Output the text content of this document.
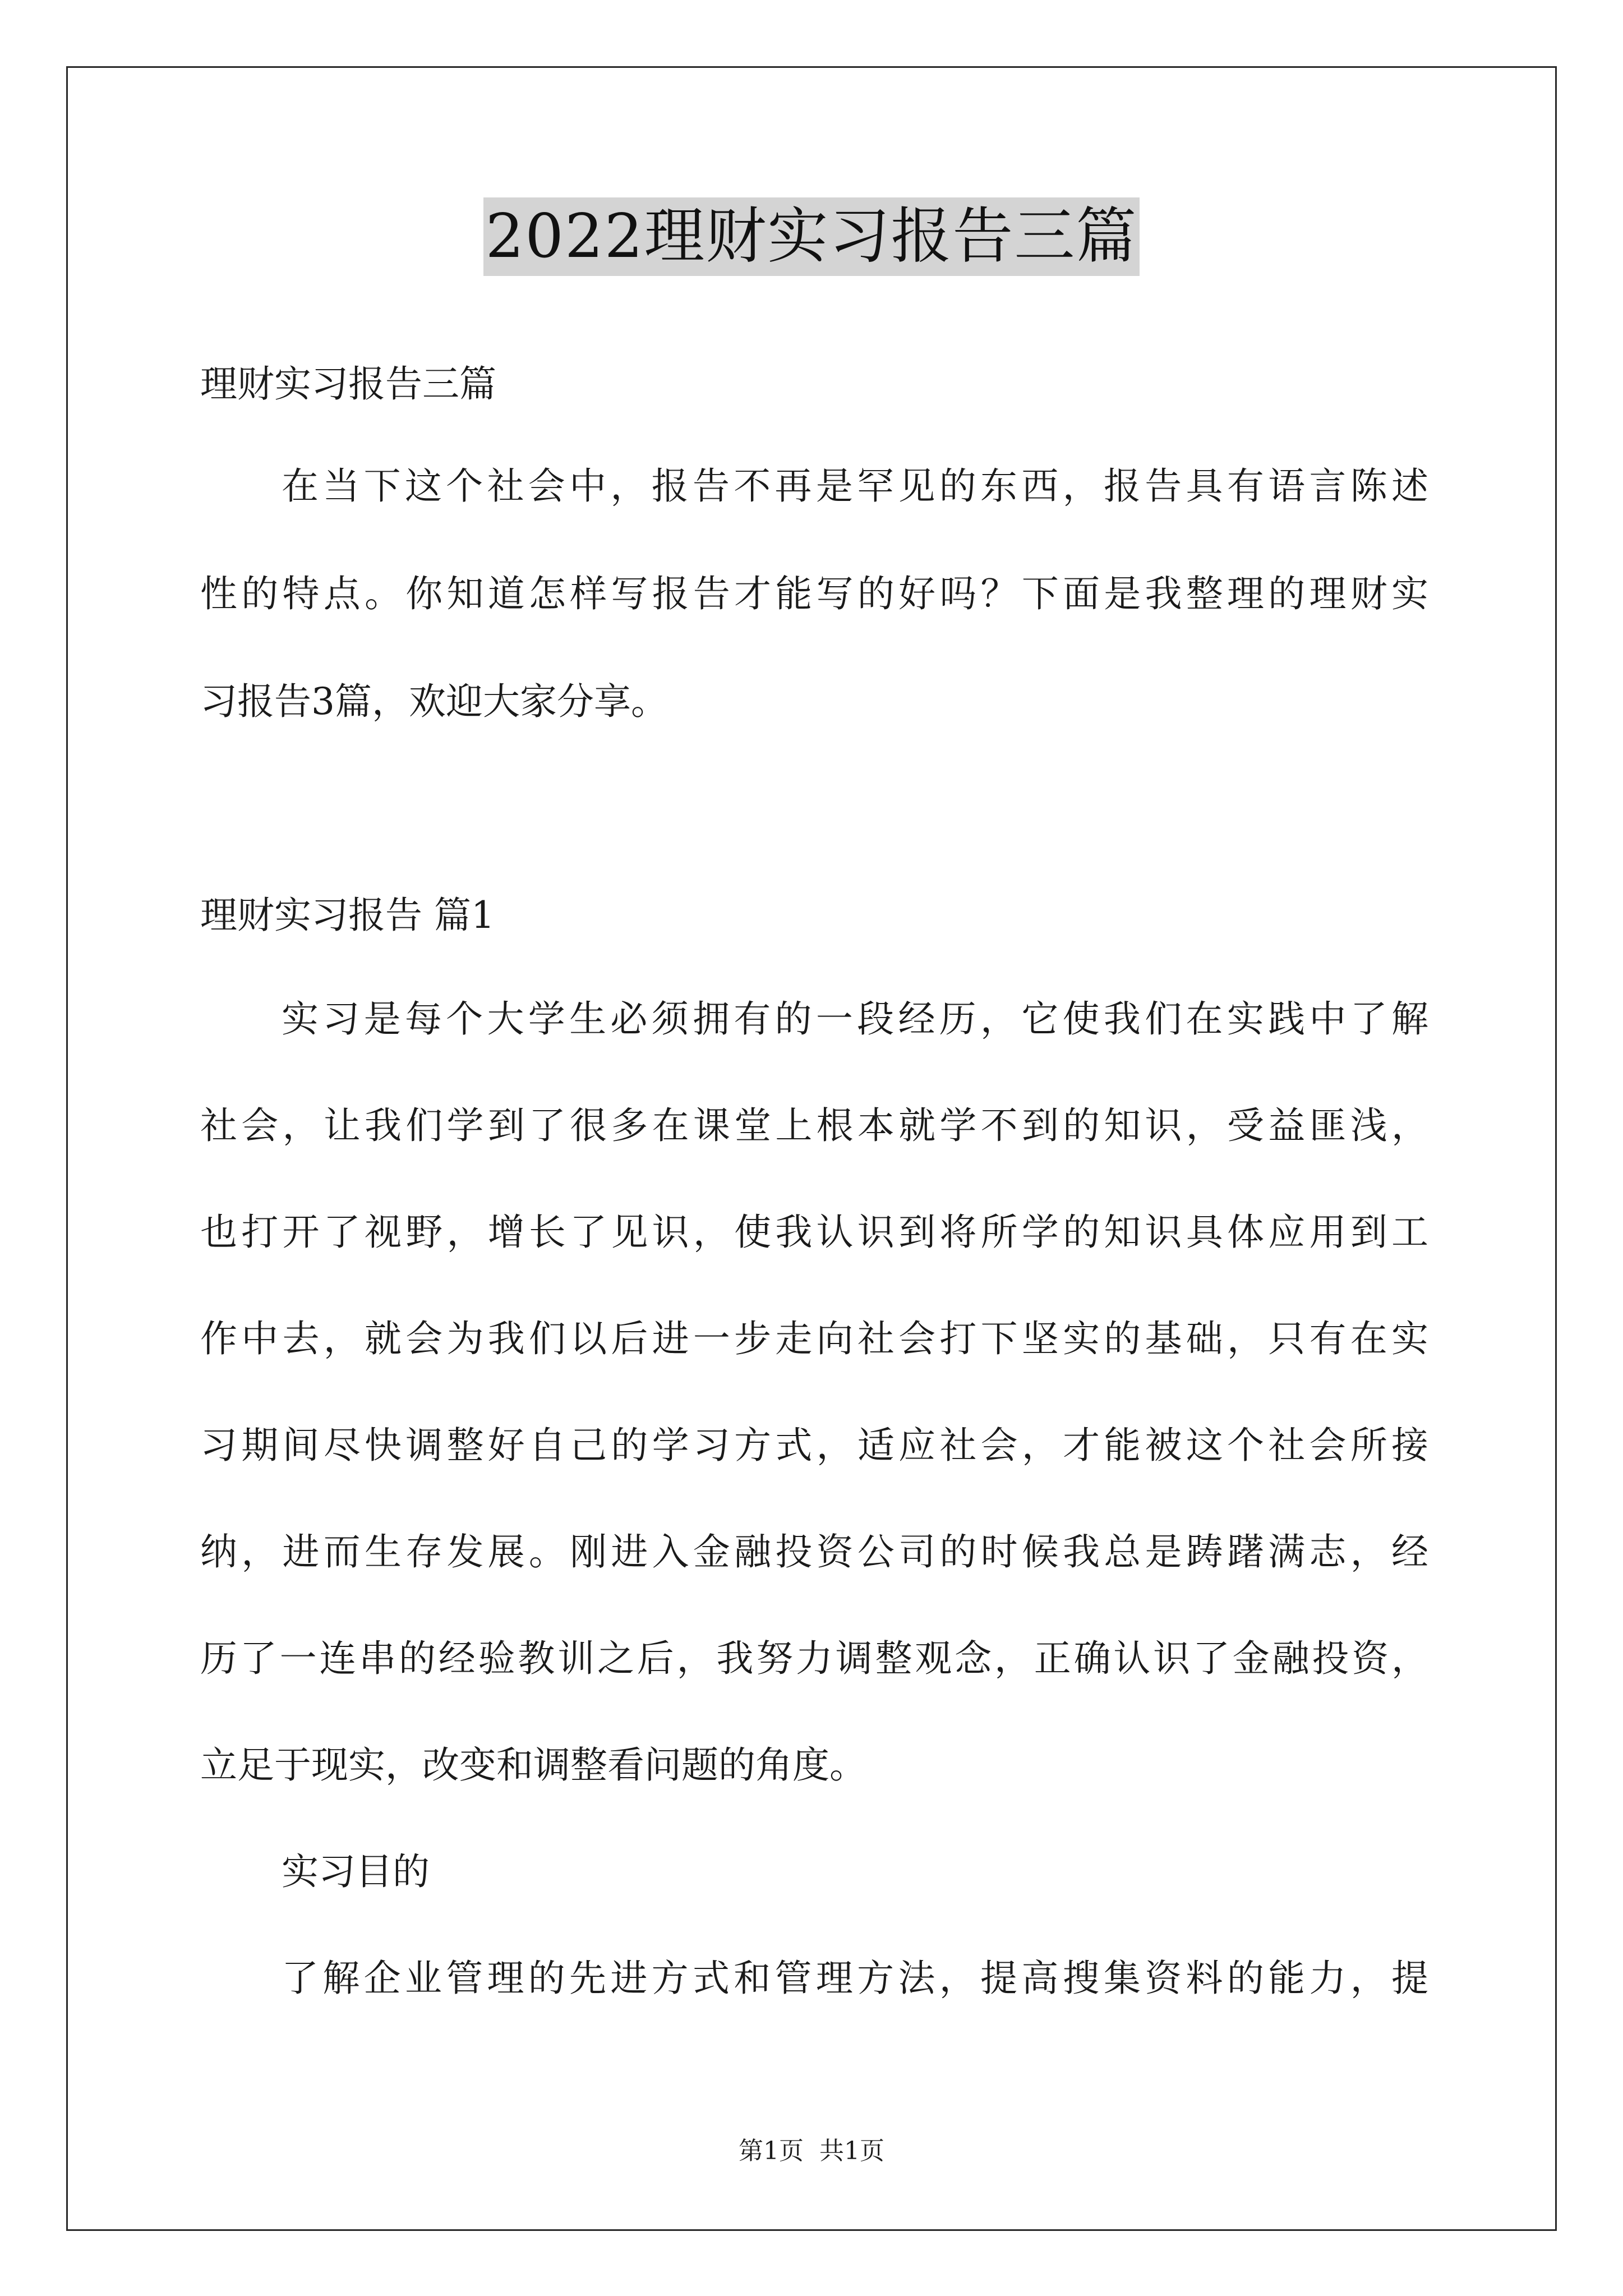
2022理财实习报告三篇
理财实习报告三篇
在当下这个社会中，报告不再是罕见的东西，报告具有语言陈述
性的特点。你知道怎样写报告才能写的好吗？下面是我整理的理财实
习报告3篇，欢迎大家分享。
理财实习报告 篇1
实习是每个大学生必须拥有的一段经历，它使我们在实践中了解
社会，让我们学到了很多在课堂上根本就学不到的知识，受益匪浅，
也打开了视野，增长了见识，使我认识到将所学的知识具体应用到工
作中去，就会为我们以后进一步走向社会打下坚实的基础，只有在实
习期间尽快调整好自己的学习方式，适应社会，才能被这个社会所接
纳，进而生存发展。刚进入金融投资公司的时候我总是踌躇满志，经
历了一连串的经验教训之后，我努力调整观念，正确认识了金融投资，
立足于现实，改变和调整看问题的角度。
实习目的
了解企业管理的先进方式和管理方法，提高搜集资料的能力，提
第1页 共1页
